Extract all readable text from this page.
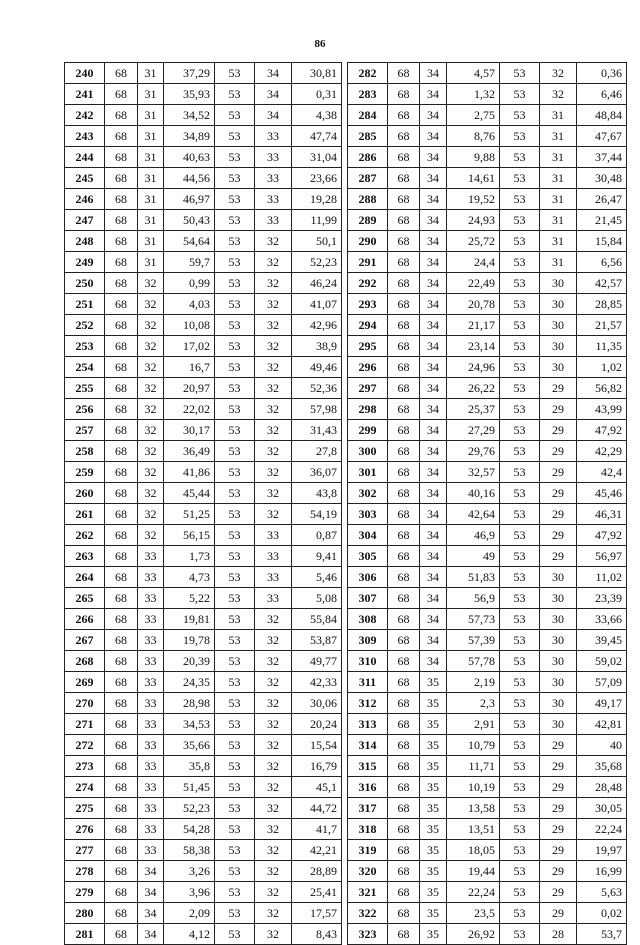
86
240	68	31	37,29	53	34	30,81
241	68	31	35,93	53	34	0,31
242	68	31	34,52	53	34	4,38
243	68	31	34,89	53	33	47,74
244	68	31	40,63	53	33	31,04
245	68	31	44,56	53	33	23,66
246	68	31	46,97	53	33	19,28
247	68	31	50,43	53	33	11,99
248	68	31	54,64	53	32	50,1
249	68	31	59,7	53	32	52,23
250	68	32	0,99	53	32	46,24
251	68	32	4,03	53	32	41,07
252	68	32	10,08	53	32	42,96
253	68	32	17,02	53	32	38,9
254	68	32	16,7	53	32	49,46
255	68	32	20,97	53	32	52,36
256	68	32	22,02	53	32	57,98
257	68	32	30,17	53	32	31,43
258	68	32	36,49	53	32	27,8
259	68	32	41,86	53	32	36,07
260	68	32	45,44	53	32	43,8
261	68	32	51,25	53	32	54,19
262	68	32	56,15	53	33	0,87
263	68	33	1,73	53	33	9,41
264	68	33	4,73	53	33	5,46
265	68	33	5,22	53	33	5,08
266	68	33	19,81	53	32	55,84
267	68	33	19,78	53	32	53,87
268	68	33	20,39	53	32	49,77
269	68	33	24,35	53	32	42,33
270	68	33	28,98	53	32	30,06
271	68	33	34,53	53	32	20,24
272	68	33	35,66	53	32	15,54
273	68	33	35,8	53	32	16,79
274	68	33	51,45	53	32	45,1
275	68	33	52,23	53	32	44,72
276	68	33	54,28	53	32	41,7
277	68	33	58,38	53	32	42,21
278	68	34	3,26	53	32	28,89
279	68	34	3,96	53	32	25,41
280	68	34	2,09	53	32	17,57
281	68	34	4,12	53	32	8,43
282	68	34	4,57	53	32	0,36
283	68	34	1,32	53	32	6,46
284	68	34	2,75	53	31	48,84
285	68	34	8,76	53	31	47,67
286	68	34	9,88	53	31	37,44
287	68	34	14,61	53	31	30,48
288	68	34	19,52	53	31	26,47
289	68	34	24,93	53	31	21,45
290	68	34	25,72	53	31	15,84
291	68	34	24,4	53	31	6,56
292	68	34	22,49	53	30	42,57
293	68	34	20,78	53	30	28,85
294	68	34	21,17	53	30	21,57
295	68	34	23,14	53	30	11,35
296	68	34	24,96	53	30	1,02
297	68	34	26,22	53	29	56,82
298	68	34	25,37	53	29	43,99
299	68	34	27,29	53	29	47,92
300	68	34	29,76	53	29	42,29
301	68	34	32,57	53	29	42,4
302	68	34	40,16	53	29	45,46
303	68	34	42,64	53	29	46,31
304	68	34	46,9	53	29	47,92
305	68	34	49	53	29	56,97
306	68	34	51,83	53	30	11,02
307	68	34	56,9	53	30	23,39
308	68	34	57,73	53	30	33,66
309	68	34	57,39	53	30	39,45
310	68	34	57,78	53	30	59,02
311	68	35	2,19	53	30	57,09
312	68	35	2,3	53	30	49,17
313	68	35	2,91	53	30	42,81
314	68	35	10,79	53	29	40
315	68	35	11,71	53	29	35,68
316	68	35	10,19	53	29	28,48
317	68	35	13,58	53	29	30,05
318	68	35	13,51	53	29	22,24
319	68	35	18,05	53	29	19,97
320	68	35	19,44	53	29	16,99
321	68	35	22,24	53	29	5,63
322	68	35	23,5	53	29	0,02
323	68	35	26,92	53	28	53,7
